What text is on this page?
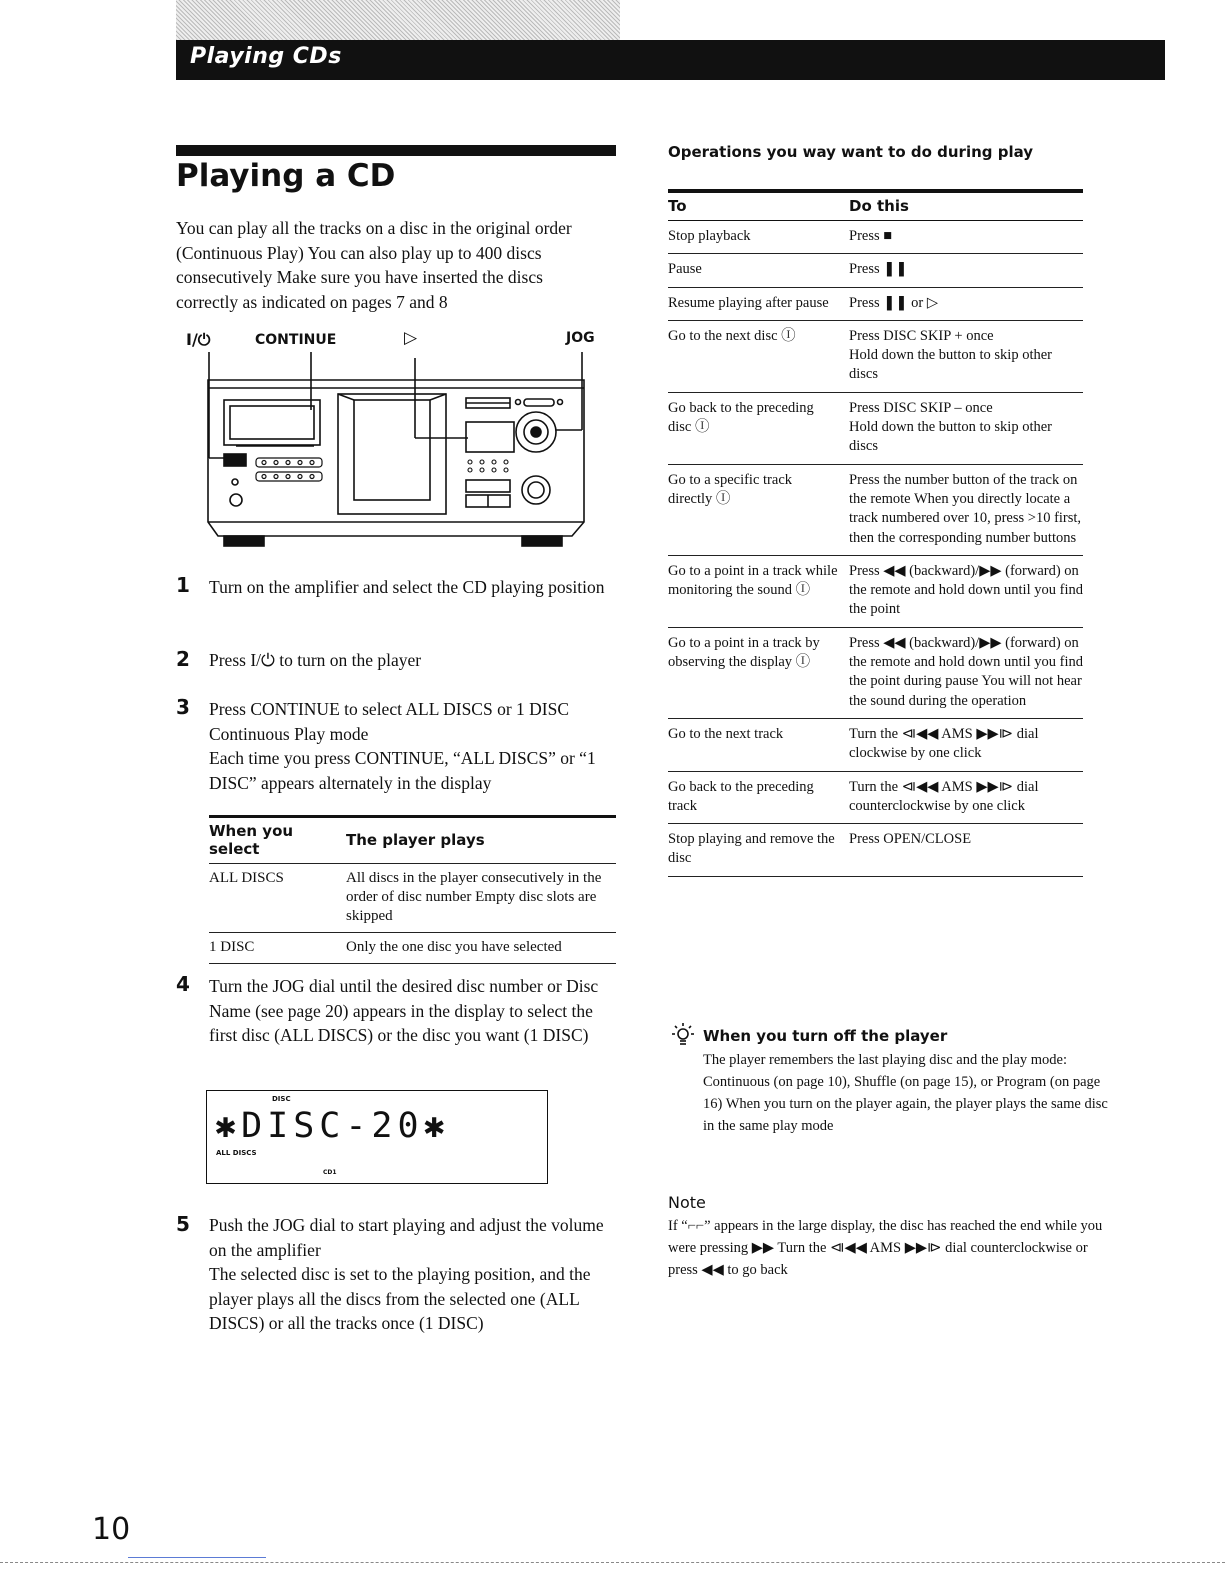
Playing CDs
Playing a CD
You can play all the tracks on a disc in the original order (Continuous Play) You can also play up to 400 discs consecutively Make sure you have inserted the discs correctly as indicated on pages 7 and 8
I/⏻	CONTINUE	▷	JOG
1 Turn on the amplifier and select the CD playing position
2 Press I/⏻ to turn on the player
3 Press CONTINUE to select ALL DISCS or 1 DISC Continuous Play mode
Each time you press CONTINUE, “ALL DISCS” or “1 DISC” appears alternately in the display
When you select	The player plays
ALL DISCS	All discs in the player consecutively in the order of disc number Empty disc slots are skipped
1 DISC	Only the one disc you have selected
4 Turn the JOG dial until the desired disc number or Disc Name (see page 20) appears in the display to select the first disc (ALL DISCS) or the disc you want (1 DISC)
DISC
✱DISC-20✱
ALL DISCS
CD1
5 Push the JOG dial to start playing and adjust the volume on the amplifier
The selected disc is set to the playing position, and the player plays all the discs from the selected one (ALL DISCS) or all the tracks once (1 DISC)
Operations you way want to do during play
To	Do this
Stop playback	Press ■
Pause	Press ❚❚
Resume playing after pause	Press ❚❚ or ▷
Go to the next disc Ⓘ	Press DISC SKIP + once
Hold down the button to skip other discs
Go back to the preceding disc Ⓘ	Press DISC SKIP – once
Hold down the button to skip other discs
Go to a specific track directly Ⓘ	Press the number button of the track on the remote When you directly locate a track numbered over 10, press >10 first, then the corresponding number buttons
Go to a point in a track while monitoring the sound Ⓘ	Press ◀◀ (backward)/▶▶ (forward) on the remote and hold down until you find the point
Go to a point in a track by observing the display Ⓘ	Press ◀◀ (backward)/▶▶ (forward) on the remote and hold down until you find the point during pause You will not hear the sound during the operation
Go to the next track	Turn the ⧏◀◀ AMS ▶▶⧐ dial clockwise by one click
Go back to the preceding track	Turn the ⧏◀◀ AMS ▶▶⧐ dial counterclockwise by one click
Stop playing and remove the disc	Press OPEN/CLOSE
When you turn off the player
The player remembers the last playing disc and the play mode: Continuous (on page 10), Shuffle (on page 15), or Program (on page 16) When you turn on the player again, the player plays the same disc in the same play mode
Note
If “⌐⌐” appears in the large display, the disc has reached the end while you were pressing ▶▶ Turn the ⧏◀◀ AMS ▶▶⧐ dial counterclockwise or press ◀◀ to go back
10
